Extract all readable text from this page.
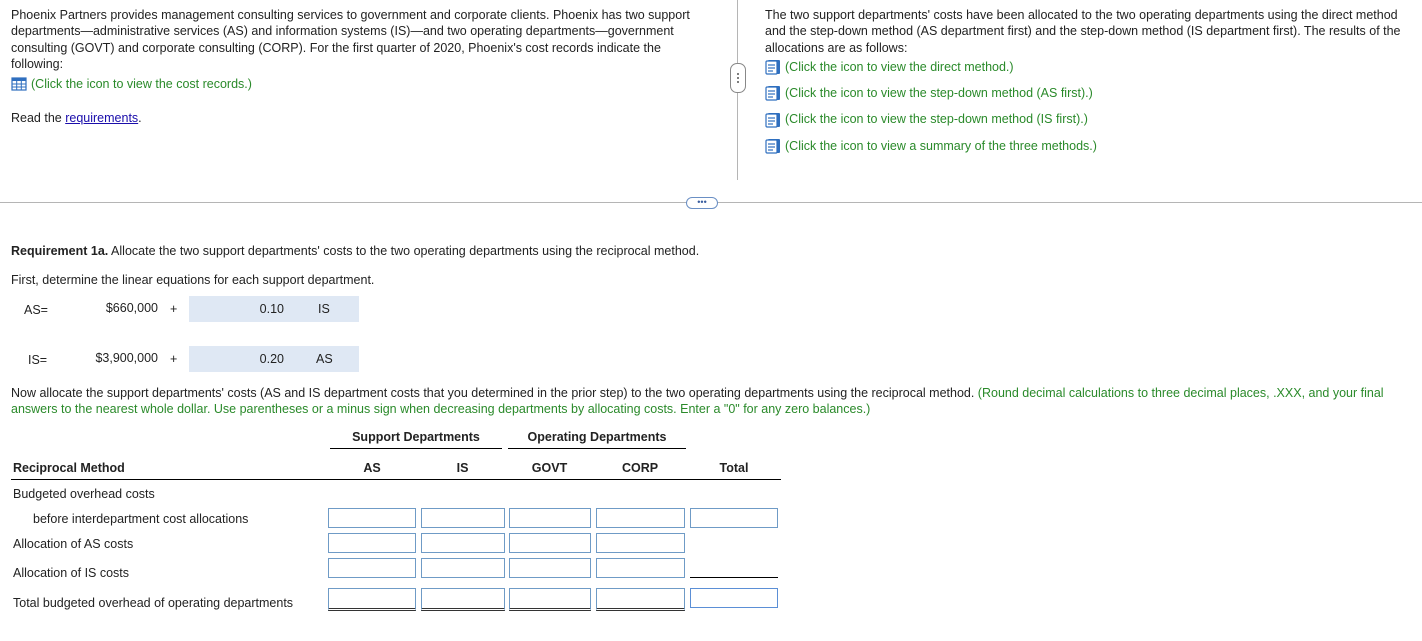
Phoenix Partners provides management consulting services to government and corporate clients. Phoenix has two support departments—administrative services (AS) and information systems (IS)—and two operating departments—government consulting (GOVT) and corporate consulting (CORP). For the first quarter of 2020, Phoenix's cost records indicate the following:
(Click the icon to view the cost records.)
Read the requirements.
The two support departments' costs have been allocated to the two operating departments using the direct method and the step-down method (AS department first) and the step-down method (IS department first). The results of the allocations are as follows:
(Click the icon to view the direct method.)
(Click the icon to view the step-down method (AS first).)
(Click the icon to view the step-down method (IS first).)
(Click the icon to view a summary of the three methods.)
•••
Requirement 1a. Allocate the two support departments' costs to the two operating departments using the reciprocal method.
First, determine the linear equations for each support department.
AS=	$660,000 +	0.10	IS
IS=	$3,900,000 +	0.20	AS
Now allocate the support departments' costs (AS and IS department costs that you determined in the prior step) to the two operating departments using the reciprocal method. (Round decimal calculations to three decimal places, .XXX, and your final answers to the nearest whole dollar. Use parentheses or a minus sign when decreasing departments by allocating costs. Enter a "0" for any zero balances.)
Support Departments	Operating Departments
Reciprocal Method	AS	IS	GOVT	CORP	Total
Budgeted overhead costs
before interdepartment cost allocations
Allocation of AS costs
Allocation of IS costs
Total budgeted overhead of operating departments
